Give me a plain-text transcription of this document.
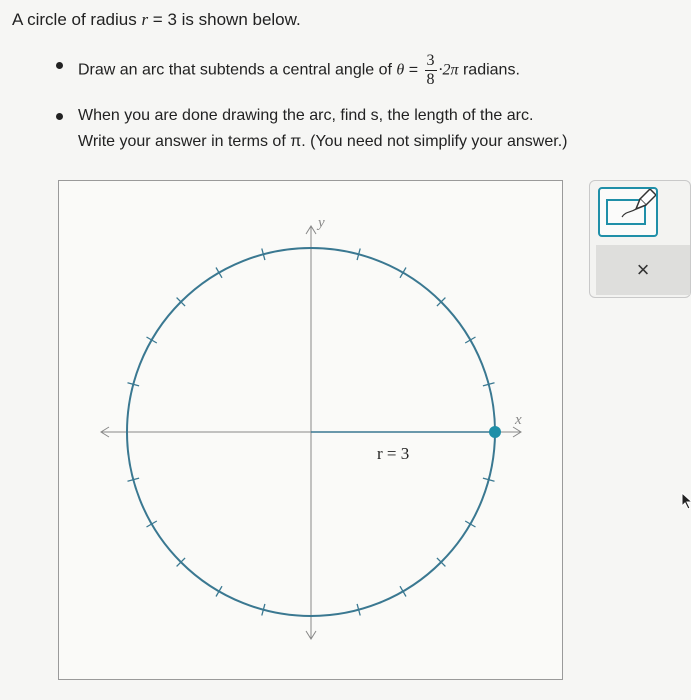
A circle of radius r = 3 is shown below.
Draw an arc that subtends a central angle of $\theta = \frac{3}{8} \cdot 2\pi$ radians.
When you are done drawing the arc, find s, the length of the arc.
Write your answer in terms of π. (You need not simplify your answer.)
x
y
r = 3
×
